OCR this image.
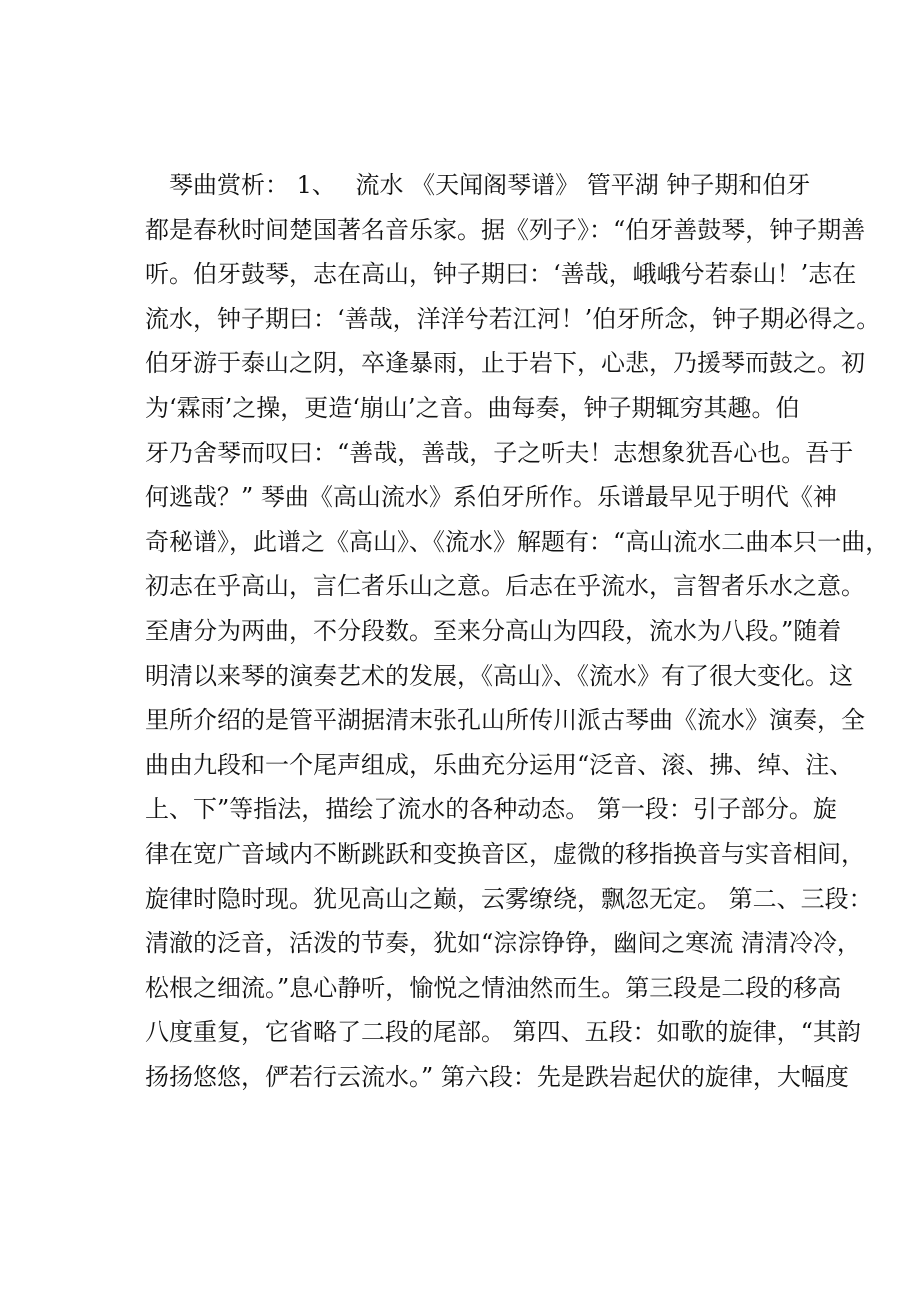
琴曲赏析： 1、　 流水 《天闻阁琴谱》 管平湖 钟子期和伯牙
都是春秋时间楚国著名音乐家。据《列子》：“伯牙善鼓琴，钟子期善
听。伯牙鼓琴，志在高山，钟子期曰：‘善哉，峨峨兮若泰山！’志在
流水，钟子期曰：‘善哉，洋洋兮若江河！’伯牙所念，钟子期必得之。
伯牙游于泰山之阴，卒逢暴雨，止于岩下，心悲，乃援琴而鼓之。初
为‘霖雨’之操，更造‘崩山’之音。曲每奏，钟子期辄穷其趣。伯
牙乃舍琴而叹曰：“善哉，善哉，子之听夫！志想象犹吾心也。吾于
何逃哉？” 琴曲《高山流水》系伯牙所作。乐谱最早见于明代《神
奇秘谱》，此谱之《高山》、《流水》解题有：“高山流水二曲本只一曲，
初志在乎高山，言仁者乐山之意。后志在乎流水，言智者乐水之意。
至唐分为两曲，不分段数。至来分高山为四段，流水为八段。”随着
明清以来琴的演奏艺术的发展，《高山》、《流水》有了很大变化。这
里所介绍的是管平湖据清末张孔山所传川派古琴曲《流水》演奏，全
曲由九段和一个尾声组成，乐曲充分运用“泛音、滚、拂、绰、注、
上、下”等指法，描绘了流水的各种动态。 第一段：引子部分。旋
律在宽广音域内不断跳跃和变换音区，虚微的移指换音与实音相间，
旋律时隐时现。犹见高山之巅，云雾缭绕，飘忽无定。 第二、三段：
清澈的泛音，活泼的节奏，犹如“淙淙铮铮，幽间之寒流 清清冷冷，
松根之细流。”息心静听，愉悦之情油然而生。第三段是二段的移高
八度重复，它省略了二段的尾部。 第四、五段：如歌的旋律，“其韵
扬扬悠悠，俨若行云流水。” 第六段：先是跌岩起伏的旋律，大幅度
